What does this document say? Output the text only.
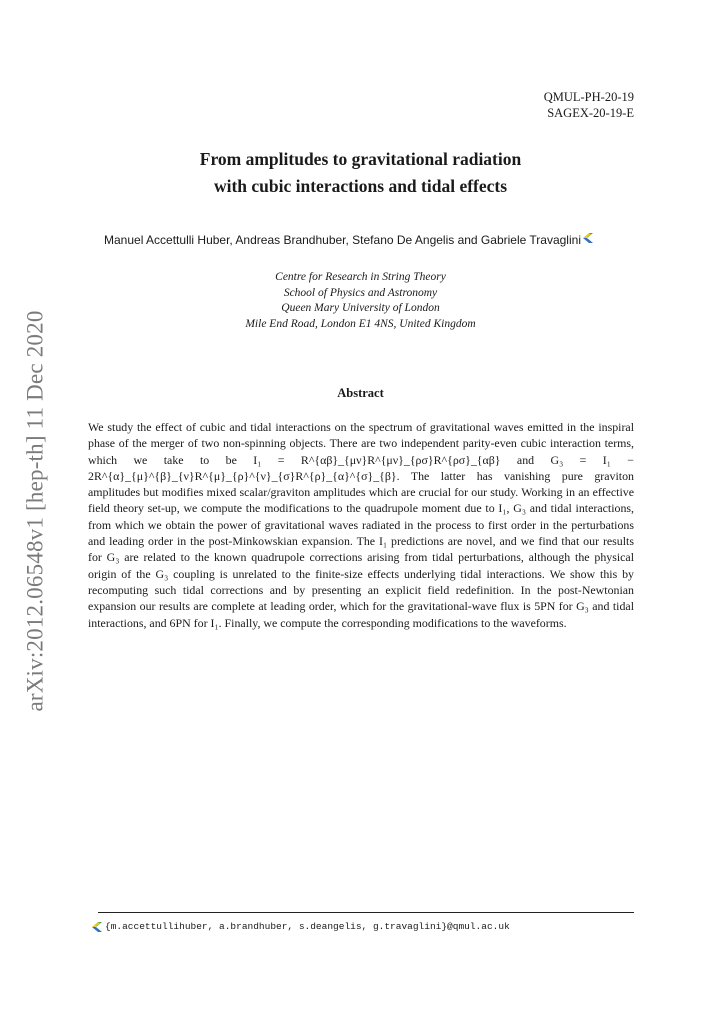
arXiv:2012.06548v1 [hep-th] 11 Dec 2020
QMUL-PH-20-19
SAGEX-20-19-E
From amplitudes to gravitational radiation
with cubic interactions and tidal effects
Manuel Accettulli Huber, Andreas Brandhuber, Stefano De Angelis and Gabriele Travaglini
Centre for Research in String Theory
School of Physics and Astronomy
Queen Mary University of London
Mile End Road, London E1 4NS, United Kingdom
Abstract
We study the effect of cubic and tidal interactions on the spectrum of gravitational waves emitted in the inspiral phase of the merger of two non-spinning objects. There are two independent parity-even cubic interaction terms, which we take to be I₁ = R^{αβ}_{μν}R^{μν}_{ρσ}R^{ρσ}_{αβ} and G₃ = I₁ − 2R^{α}_{μ}^{β}_{ν}R^{μ}_{ρ}^{ν}_{σ}R^{ρ}_{α}^{σ}_{β}. The latter has vanishing pure graviton amplitudes but modifies mixed scalar/graviton amplitudes which are crucial for our study. Working in an effective field theory set-up, we compute the modifications to the quadrupole moment due to I₁, G₃ and tidal interactions, from which we obtain the power of gravitational waves radiated in the process to first order in the perturbations and leading order in the post-Minkowskian expansion. The I₁ predictions are novel, and we find that our results for G₃ are related to the known quadrupole corrections arising from tidal perturbations, although the physical origin of the G₃ coupling is unrelated to the finite-size effects underlying tidal interactions. We show this by recomputing such tidal corrections and by presenting an explicit field redefinition. In the post-Newtonian expansion our results are complete at leading order, which for the gravitational-wave flux is 5PN for G₃ and tidal interactions, and 6PN for I₁. Finally, we compute the corresponding modifications to the waveforms.
{m.accettullihuber, a.brandhuber, s.deangelis, g.travaglini}@qmul.ac.uk
